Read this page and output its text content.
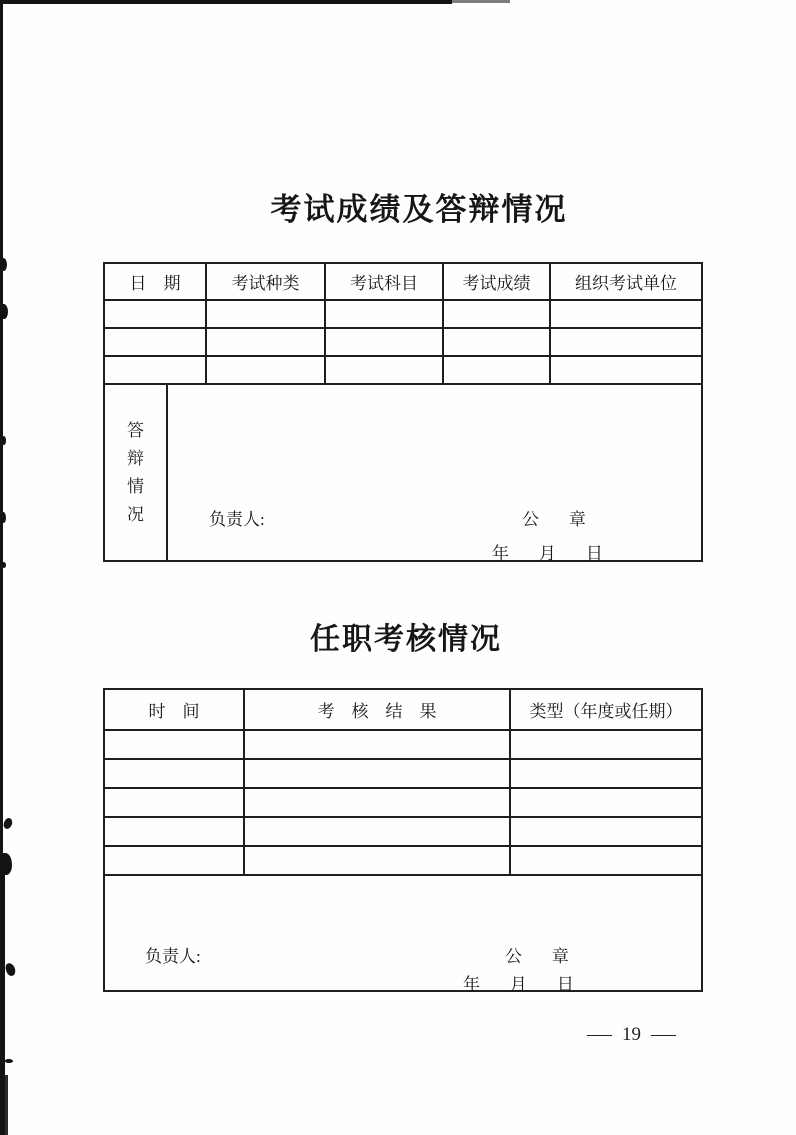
考试成绩及答辩情况
日　期	考试种类	考试科目	考试成绩	组织考试单位

答辩情况 负责人: 公　章
年　月　日				
任职考核情况
时　间	考　核　结　果	类型（年度或任期）

负责人: 公　章
年　月　日		
— 19 —
